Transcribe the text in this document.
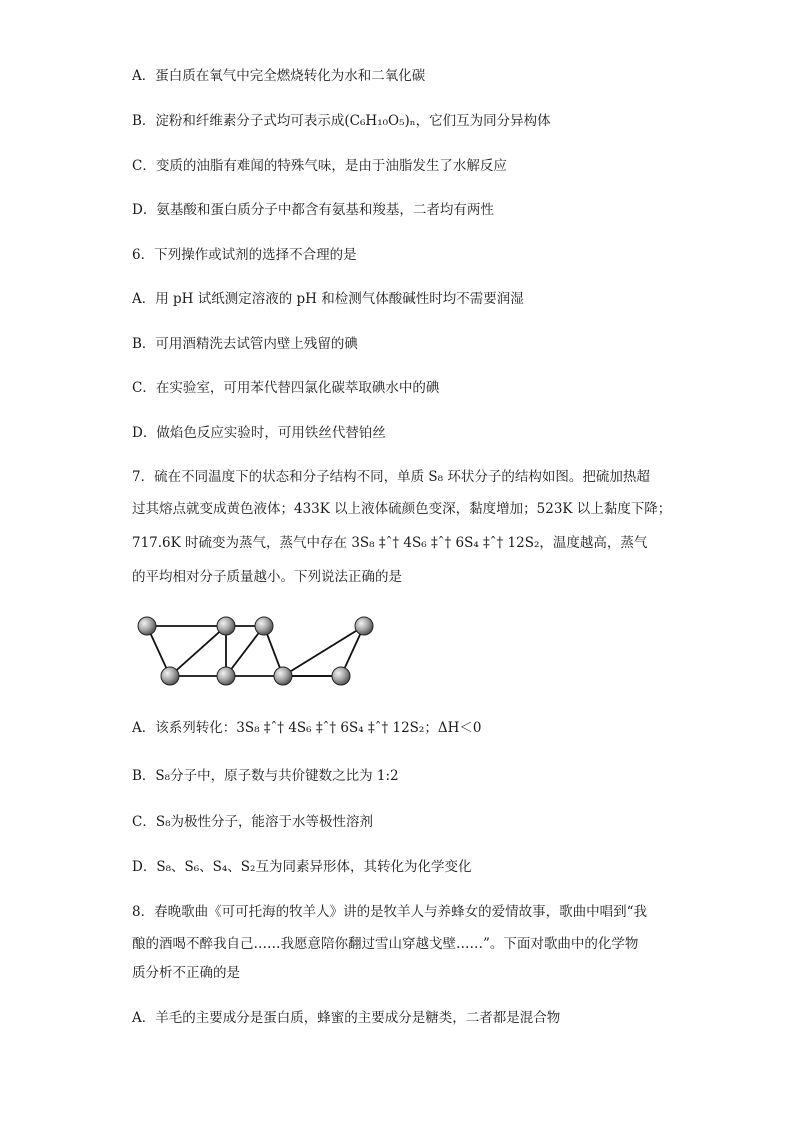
A．蛋白质在氧气中完全燃烧转化为水和二氧化碳
B．淀粉和纤维素分子式均可表示成(C₆H₁₀O₅)ₙ，它们互为同分异构体
C．变质的油脂有难闻的特殊气味，是由于油脂发生了水解反应
D．氨基酸和蛋白质分子中都含有氨基和羧基，二者均有两性
6．下列操作或试剂的选择不合理的是
A．用 pH 试纸测定溶液的 pH 和检测气体酸碱性时均不需要润湿
B．可用酒精洗去试管内壁上残留的碘
C．在实验室，可用苯代替四氯化碳萃取碘水中的碘
D．做焰色反应实验时，可用铁丝代替铂丝
7．硫在不同温度下的状态和分子结构不同，单质 S₈ 环状分子的结构如图。把硫加热超
过其熔点就变成黄色液体；433K 以上液体硫颜色变深，黏度增加；523K 以上黏度下降；
717.6K 时硫变为蒸气，蒸气中存在 3S₈ ‡ˆ† 4S₆ ‡ˆ† 6S₄ ‡ˆ† 12S₂，温度越高，蒸气
的平均相对分子质量越小。下列说法正确的是
A．该系列转化：3S₈ ‡ˆ† 4S₆ ‡ˆ† 6S₄ ‡ˆ† 12S₂；ΔH＜0
B．S₈分子中，原子数与共价键数之比为 1:2
C．S₈为极性分子，能溶于水等极性溶剂
D．S₈、S₆、S₄、S₂互为同素异形体，其转化为化学变化
8．春晚歌曲《可可托海的牧羊人》讲的是牧羊人与养蜂女的爱情故事，歌曲中唱到“我
酿的酒喝不醉我自己……我愿意陪你翻过雪山穿越戈壁……”。下面对歌曲中的化学物
质分析不正确的是
A．羊毛的主要成分是蛋白质，蜂蜜的主要成分是糖类，二者都是混合物
